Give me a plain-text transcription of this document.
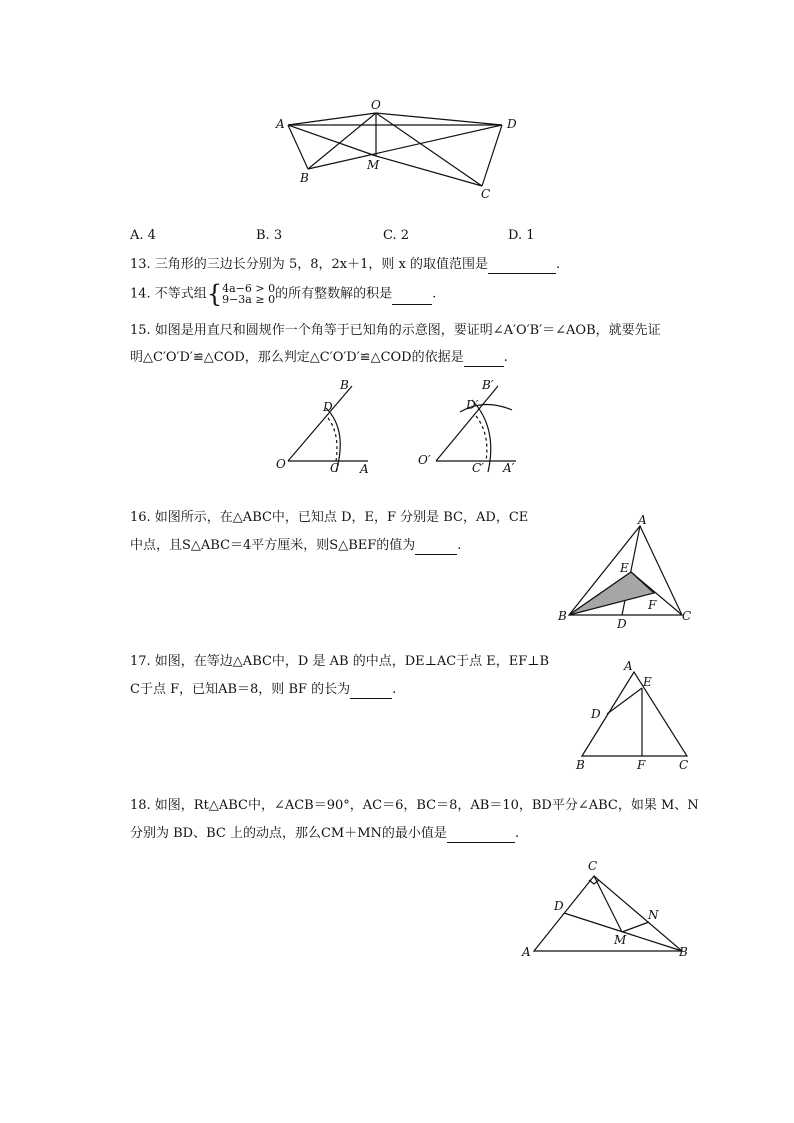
A
O
D
B
M
C
A. 4	B. 3	C. 2	D. 1
13. 三角形的三边长分别为 5，8，2x＋1，则 x 的取值范围是	.
14. 不等式组{4a−6 > 0
9−3a ≥ 0的所有整数解的积是	.
15. 如图是用直尺和圆规作一个角等于已知角的示意图，要证明∠A′O′B′＝∠AOB，就要先证
明△C′O′D′≌△COD，那么判定△C′O′D′≌△COD的依据是	.
B
D
O	C A
B′
D′
O′
C′ A′
16. 如图所示，在△ABC中，已知点 D，E，F 分别是 BC，AD，CE
中点，且S△ABC＝4平方厘米，则S△BEF的值为	.
A
E
F
B
D
C
17. 如图，在等边△ABC中，D 是 AB 的中点，DE⊥AC于点 E，EF⊥B
C于点 F，已知AB＝8，则 BF 的长为	.
A
E
D
B	F	C
18. 如图，Rt△ABC中，∠ACB＝90°，AC＝6，BC＝8，AB＝10，BD平分∠ABC，如果 M、N
分别为 BD、BC 上的动点，那么CM＋MN的最小值是	.
C
D
N
M
A	B
